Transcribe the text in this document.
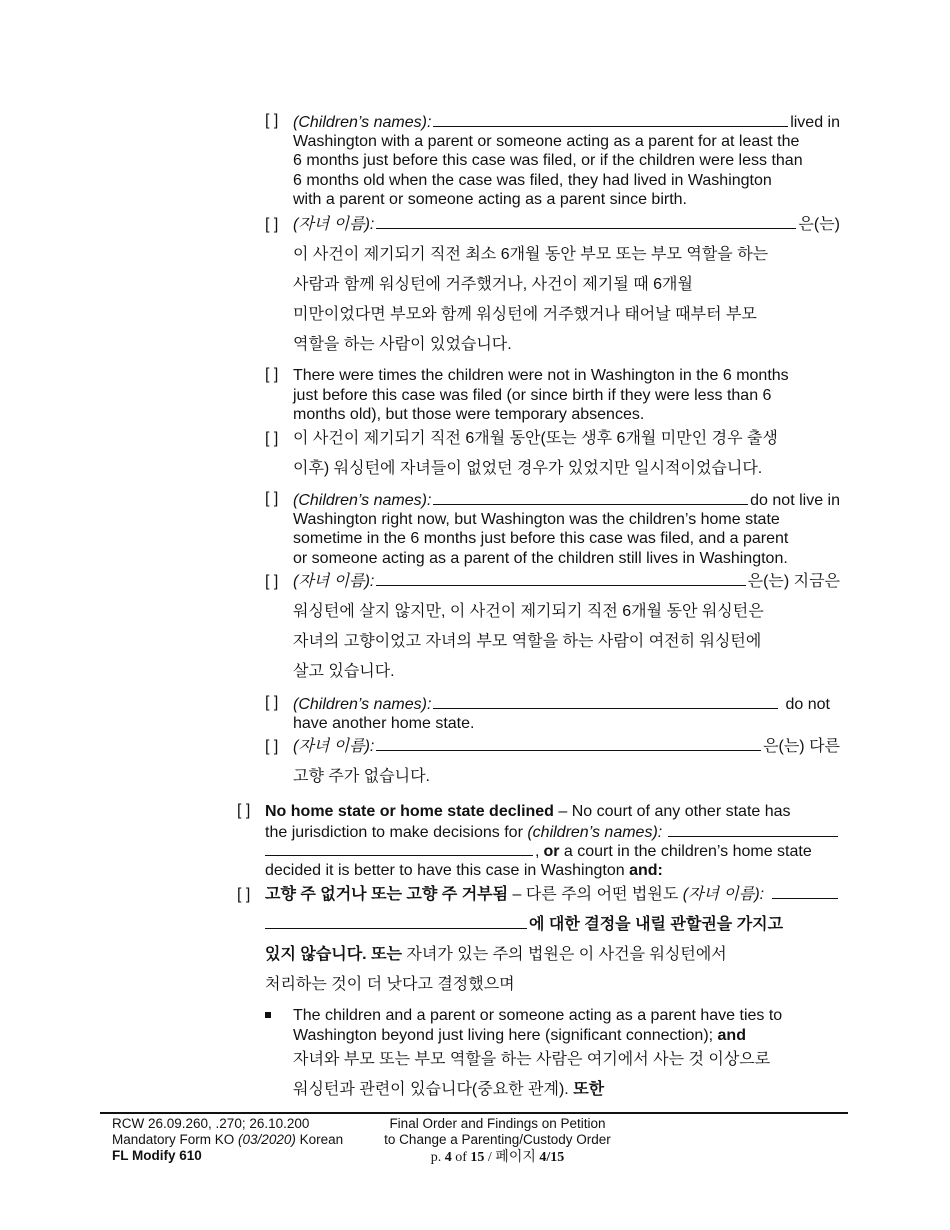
[ ] (Children’s names):	lived in
Washington with a parent or someone acting as a parent for at least the
6 months just before this case was filed, or if the children were less than
6 months old when the case was filed, they had lived in Washington
with a parent or someone acting as a parent since birth.
[ ] (자녀 이름):	은(는)
이 사건이 제기되기 직전 최소 6개월 동안 부모 또는 부모 역할을 하는
사람과 함께 워싱턴에 거주했거나, 사건이 제기될 때 6개월
미만이었다면 부모와 함께 워싱턴에 거주했거나 태어날 때부터 부모
역할을 하는 사람이 있었습니다.
[ ] There were times the children were not in Washington in the 6 months
just before this case was filed (or since birth if they were less than 6
months old), but those were temporary absences.
[ ] 이 사건이 제기되기 직전 6개월 동안(또는 생후 6개월 미만인 경우 출생
이후) 워싱턴에 자녀들이 없었던 경우가 있었지만 일시적이었습니다.
[ ] (Children’s names):	do not live in
Washington right now, but Washington was the children’s home state
sometime in the 6 months just before this case was filed, and a parent
or someone acting as a parent of the children still lives in Washington.
[ ] (자녀 이름):	은(는) 지금은
워싱턴에 살지 않지만, 이 사건이 제기되기 직전 6개월 동안 워싱턴은
자녀의 고향이었고 자녀의 부모 역할을 하는 사람이 여전히 워싱턴에
살고 있습니다.
[ ] (Children’s names):	do not
have another home state.
[ ] (자녀 이름):	은(는) 다른
고향 주가 없습니다.
[ ] No home state or home state declined – No court of any other state has
the jurisdiction to make decisions for (children’s names):
, or a court in the children’s home state
decided it is better to have this case in Washington and:
[ ] 고향 주 없거나 또는 고향 주 거부됨 – 다른 주의 어떤 법원도 (자녀 이름):
에 대한 결정을 내릴 관할권을 가지고
있지 않습니다. 또는 자녀가 있는 주의 법원은 이 사건을 워싱턴에서
처리하는 것이 더 낫다고 결정했으며
The children and a parent or someone acting as a parent have ties to
Washington beyond just living here (significant connection); and
자녀와 부모 또는 부모 역할을 하는 사람은 여기에서 사는 것 이상으로
워싱턴과 관련이 있습니다(중요한 관계). 또한
RCW 26.09.260, .270; 26.10.200
Mandatory Form KO (03/2020) Korean
FL Modify 610
Final Order and Findings on Petition
to Change a Parenting/Custody Order
p. 4 of 15 / 페이지 4/15
